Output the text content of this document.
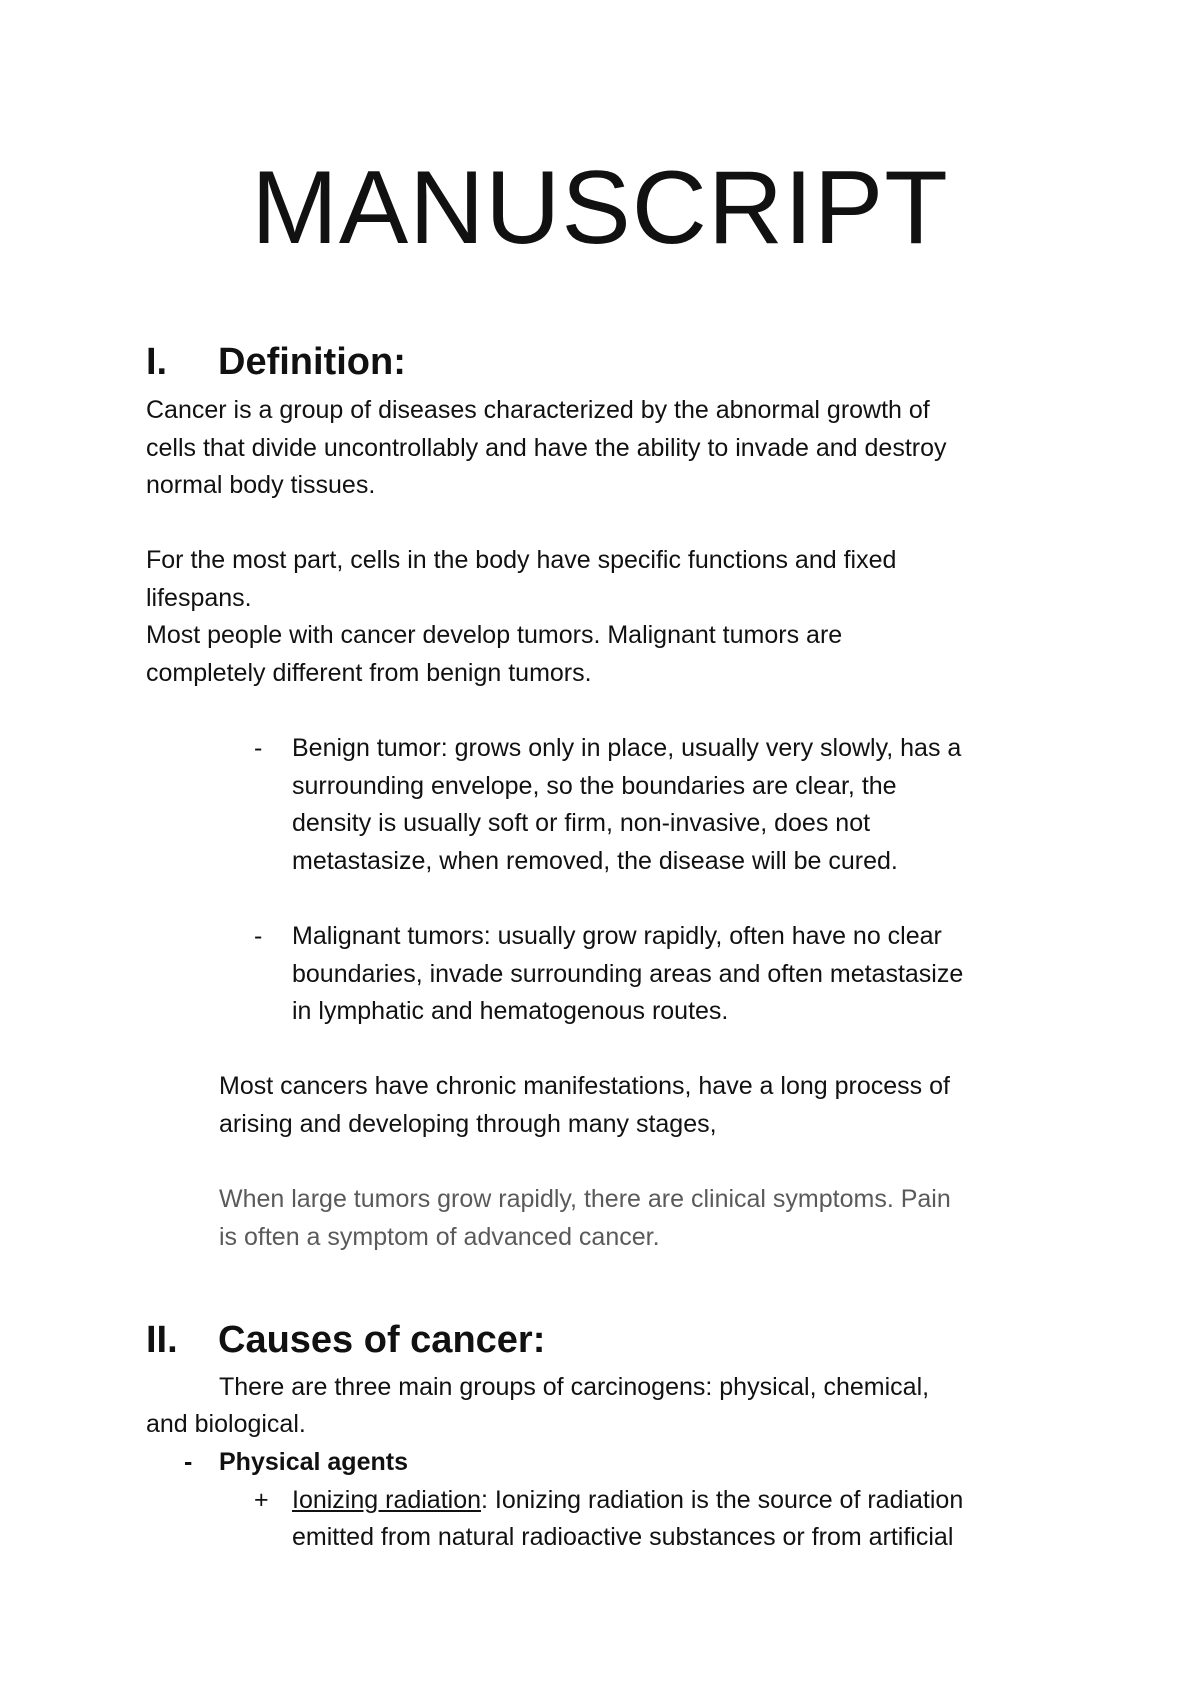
MANUSCRIPT
I. Definition:

Cancer is a group of diseases characterized by the abnormal growth of

cells that divide uncontrollably and have the ability to invade and destroy

normal body tissues.

For the most part, cells in the body have specific functions and fixed

lifespans.

Most people with cancer develop tumors. Malignant tumors are

completely different from benign tumors.

- Benign tumor: grows only in place, usually very slowly, has a

surrounding envelope, so the boundaries are clear, the

density is usually soft or firm, non-invasive, does not

metastasize, when removed, the disease will be cured.

- Malignant tumors: usually grow rapidly, often have no clear

boundaries, invade surrounding areas and often metastasize

in lymphatic and hematogenous routes.

Most cancers have chronic manifestations, have a long process of

arising and developing through many stages,

When large tumors grow rapidly, there are clinical symptoms. Pain

is often a symptom of advanced cancer.

II. Causes of cancer:

There are three main groups of carcinogens: physical, chemical,

and biological.

- Physical agents

+ Ionizing radiation: Ionizing radiation is the source of radiation

emitted from natural radioactive substances or from artificial
